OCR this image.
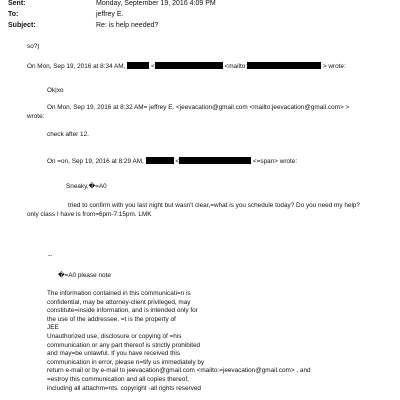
Sent:	Monday, September 19, 2016 4:09 PM
To:	jeffrey E.
Subject:	Re: is help needed?
so?)
On Mon, Sep 19, 2016 at 8:34 AM,	<	<mailto:	> wrote:
Ok|xo
On Mon, Sep 19, 2016 at 8:32 AM= jeffrey E. <jeevacation@gmail.com <mailto:jeevacation@gmail.com> >
wrote:
check after 12.
On =on, Sep 19, 2016 at 8:29 AM,	<	<=span> wrote:
Sneaky,�=A0
tried to confirm with you last night but wasn't clear,=what is you schedule today? Do you need my help?
only class I have is from=6pm-7:15pm. LMK
--
�=A0 please note
The information contained in this communicati=n is
confidential, may be attorney-client privileged, may
constitute=inside information, and is intended only for
the use of the addressee. =t is the property of
JEE
Unauthorized use, disclosure or copying of =his
communication or any part thereof is strictly prohibited
and may=be unlawful. If you have received this
communication in error, please n=tify us immediately by
return e-mail or by e-mail to jeevacation@gmail.com <mailto:=jeevacation@gmail.com> , and
=estroy this communication and all copies thereof,
including all attachm=nts. copyright -all rights reserved
